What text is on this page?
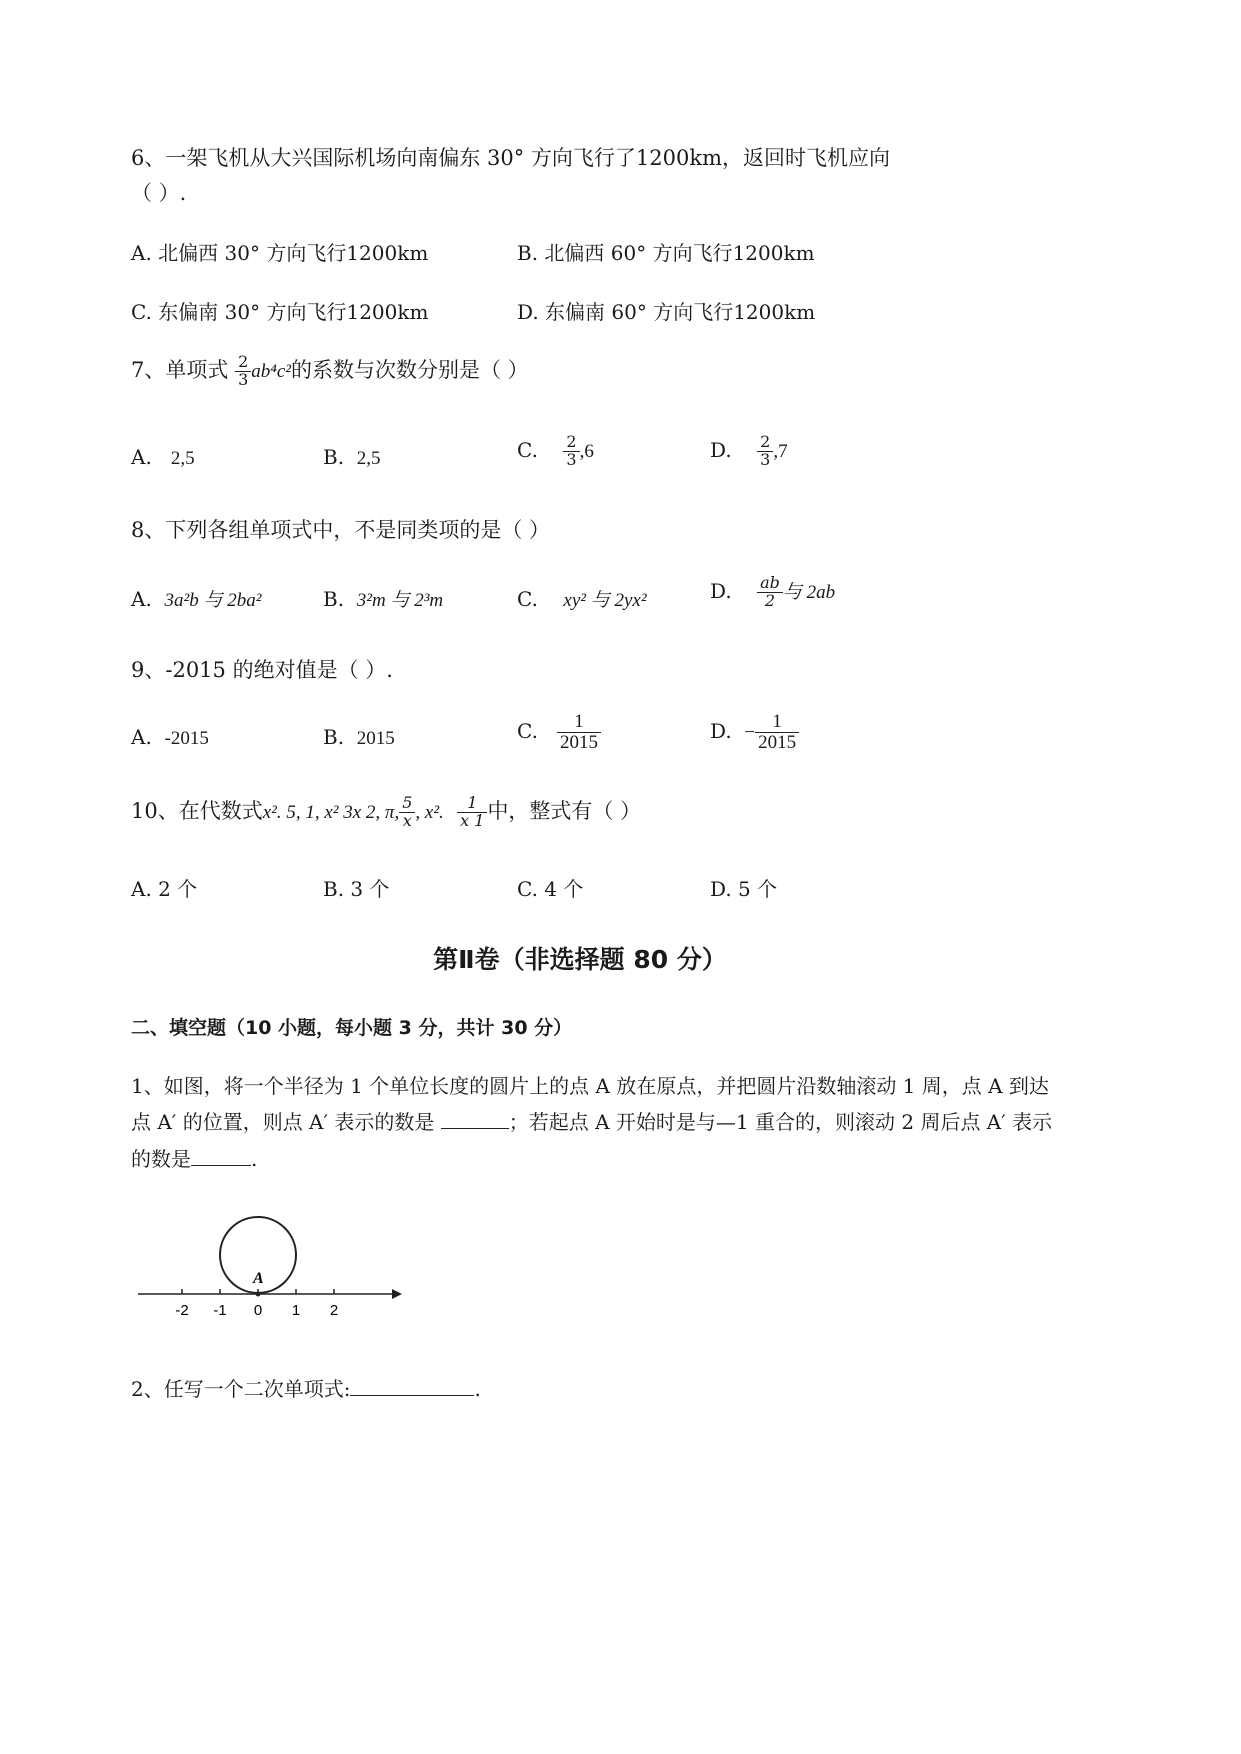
6、一架飞机从大兴国际机场向南偏东 30° 方向飞行了1200km，返回时飞机应向
（ ）.
A. 北偏西 30° 方向飞行1200km	B. 北偏西 60° 方向飞行1200km
C. 东偏南 30° 方向飞行1200km	D. 东偏南 60° 方向飞行1200km
7、单项式 $\frac{2}{3} ab^4c^2$的系数与次数分别是（ ）
A. 2,5	B. 2,5	C. $\frac{2}{3} ,6$	D. $\frac{2}{3} ,7$
8、下列各组单项式中，不是同类项的是（ ）
A. 3a²b 与 2ba²	B. 3²m 与 2³m	C. xy² 与 2yx²	D. $\frac{ab}{2}$ 与 2ab
9、-2015 的绝对值是（ ）.
A. -2015	B. 2015	C. $\frac{1}{2015}$	D. − $\frac{1}{2015}$
10、在代数式x². 5, 1, x² 3x 2, π, $\frac{5}{x}$ , x². $\frac{1}{x 1}$ 中，整式有（ ）
A. 2 个	B. 3 个	C. 4 个	D. 5 个
第Ⅱ卷（非选择题 80 分）
二、填空题（10 小题，每小题 3 分，共计 30 分）
1、如图，将一个半径为 1 个单位长度的圆片上的点 A 放在原点，并把圆片沿数轴滚动 1 周，点 A 到达
点 A′ 的位置，则点 A′ 表示的数是	；若起点 A 开始时是与—1 重合的，则滚动 2 周后点 A′ 表示
的数是	.
A
-2 -1 0 1 2
2、任写一个二次单项式:	.
